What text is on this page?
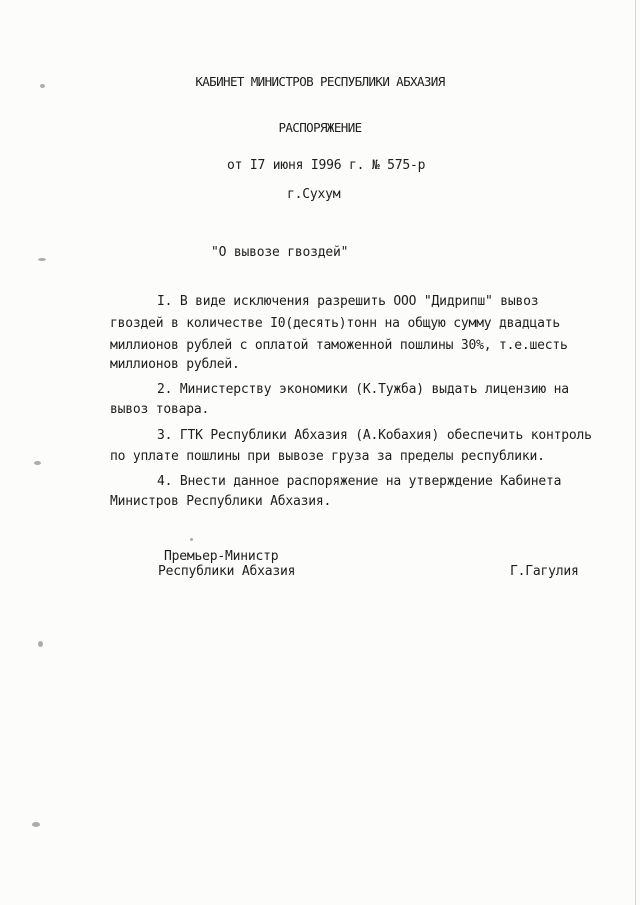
КАБИНЕТ МИНИСТРОВ РЕСПУБЛИКИ АБХАЗИЯ
РАСПОРЯЖЕНИЕ
от I7 июня I996 г. № 575-р
г.Сухум
"О вывозе гвоздей"
I. В виде исключения разрешить ООО "Дидрипш" вывоз
гвоздей в количестве I0(десять)тонн на общую сумму двадцать
миллионов рублей с оплатой таможенной пошлины 30%, т.е.шесть
миллионов рублей.
2. Министерству экономики (К.Тужба) выдать лицензию на
вывоз товара.
3. ГТК Республики Абхазия (А.Кобахия) обеспечить контроль
по уплате пошлины при вывозе груза за пределы республики.
4. Внести данное распоряжение на утверждение Кабинета
Министров Республики Абхазия.
Премьер-Министр
Республики Абхазия	Г.Гагулия
